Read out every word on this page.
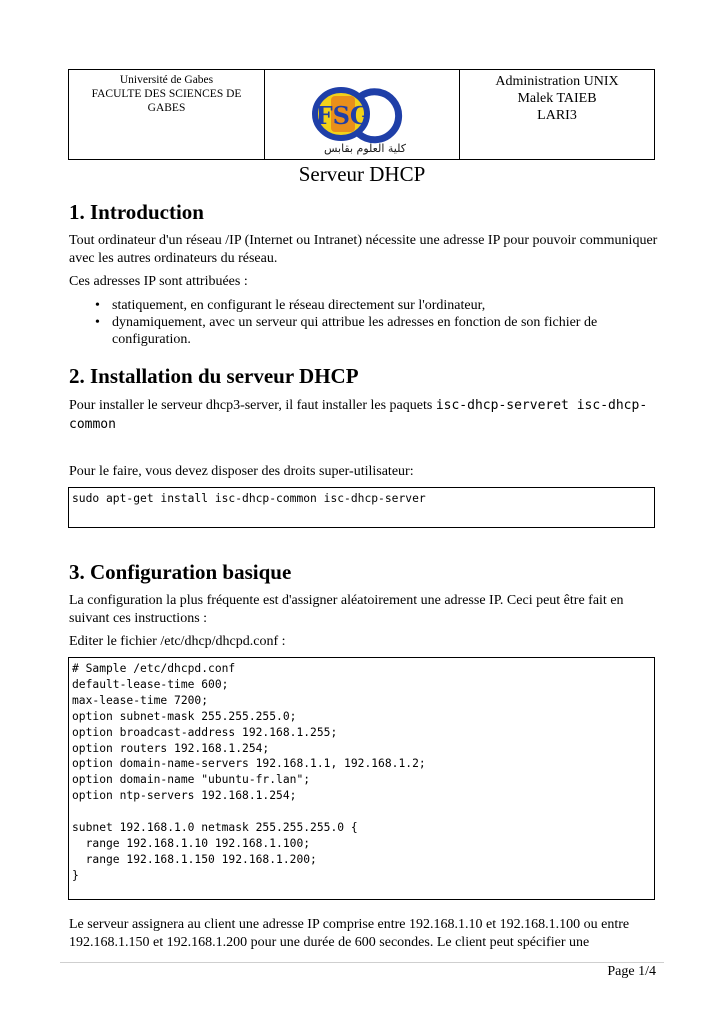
Université de Gabes
FACULTE DES SCIENCES DE
GABES	FSG
كلية العلوم بقابس
Administration UNIX
Malek TAIEB
LARI3
Serveur DHCP
1. Introduction

Tout ordinateur d'un réseau /IP (Internet ou Intranet) nécessite une adresse IP pour pouvoir communiquer avec les autres ordinateurs du réseau.

Ces adresses IP sont attribuées :

• statiquement, en configurant le réseau directement sur l'ordinateur,
• dynamiquement, avec un serveur qui attribue les adresses en fonction de son fichier de configuration.
2. Installation du serveur DHCP

Pour installer le serveur dhcp3-server, il faut installer les paquets isc-dhcp-serveret isc-dhcp-common

Pour le faire, vous devez disposer des droits super-utilisateur:

sudo apt-get install isc-dhcp-common isc-dhcp-server
3. Configuration basique

La configuration la plus fréquente est d'assigner aléatoirement une adresse IP. Ceci peut être fait en suivant ces instructions :

Editer le fichier /etc/dhcp/dhcpd.conf :

# Sample /etc/dhcpd.conf
default-lease-time 600;
max-lease-time 7200;
option subnet-mask 255.255.255.0;
option broadcast-address 192.168.1.255;
option routers 192.168.1.254;
option domain-name-servers 192.168.1.1, 192.168.1.2;
option domain-name "ubuntu-fr.lan";
option ntp-servers 192.168.1.254;

subnet 192.168.1.0 netmask 255.255.255.0 {
range 192.168.1.10 192.168.1.100;
range 192.168.1.150 192.168.1.200;
}

Le serveur assignera au client une adresse IP comprise entre 192.168.1.10 et 192.168.1.100 ou entre 192.168.1.150 et 192.168.1.200 pour une durée de 600 secondes. Le client peut spécifier une

Page 1/4
